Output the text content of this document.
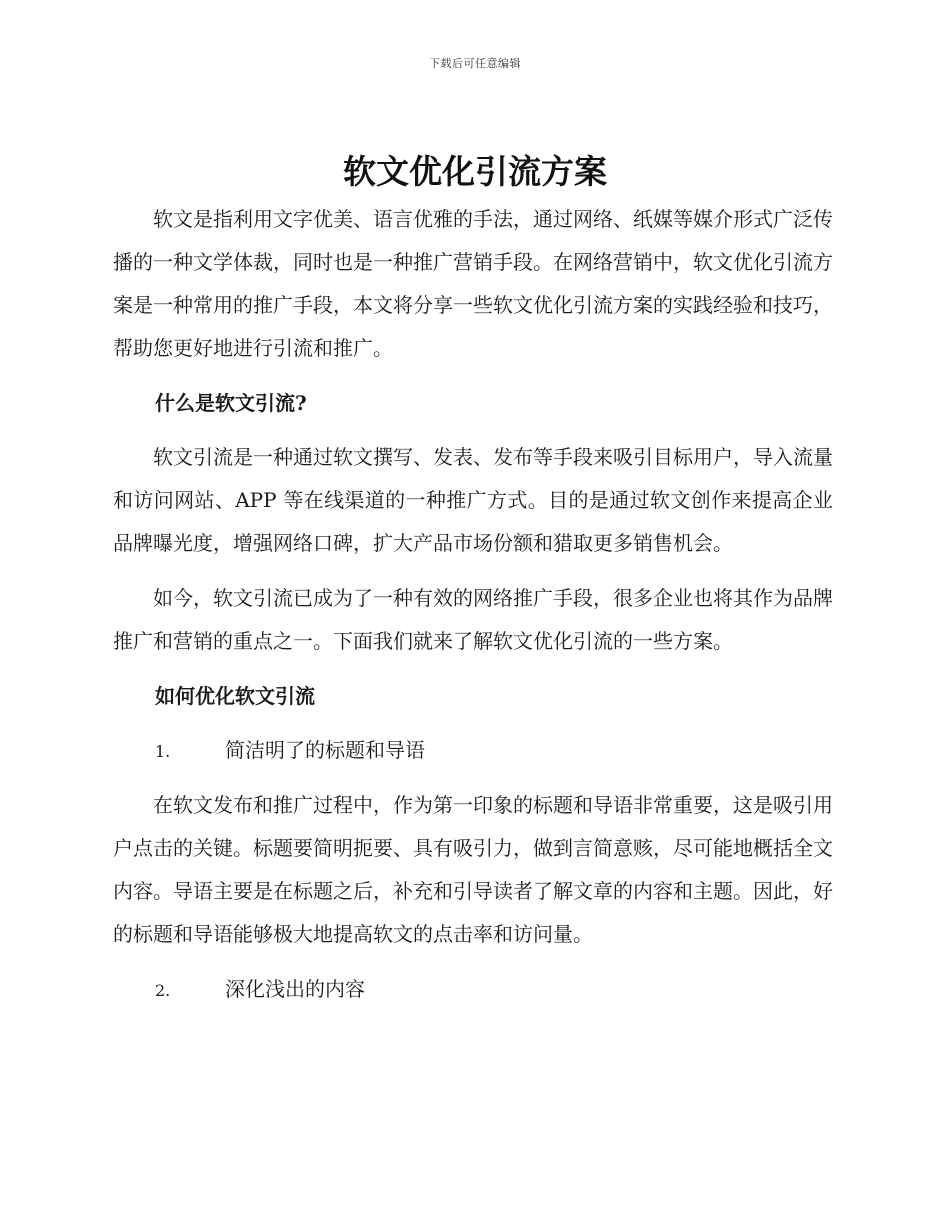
下载后可任意编辑
软文优化引流方案

软文是指利用文字优美、语言优雅的手法，通过网络、纸媒等媒介形式广泛传播的一种文学体裁，同时也是一种推广营销手段。在网络营销中，软文优化引流方案是一种常用的推广手段，本文将分享一些软文优化引流方案的实践经验和技巧，帮助您更好地进行引流和推广。

什么是软文引流?

软文引流是一种通过软文撰写、发表、发布等手段来吸引目标用户，导入流量和访问网站、APP 等在线渠道的一种推广方式。目的是通过软文创作来提高企业品牌曝光度，增强网络口碑，扩大产品市场份额和猎取更多销售机会。

如今，软文引流已成为了一种有效的网络推广手段，很多企业也将其作为品牌推广和营销的重点之一。下面我们就来了解软文优化引流的一些方案。

如何优化软文引流

1.	简洁明了的标题和导语

在软文发布和推广过程中，作为第一印象的标题和导语非常重要，这是吸引用户点击的关键。标题要简明扼要、具有吸引力，做到言简意赅，尽可能地概括全文内容。导语主要是在标题之后，补充和引导读者了解文章的内容和主题。因此，好的标题和导语能够极大地提高软文的点击率和访问量。

2.	深化浅出的内容
